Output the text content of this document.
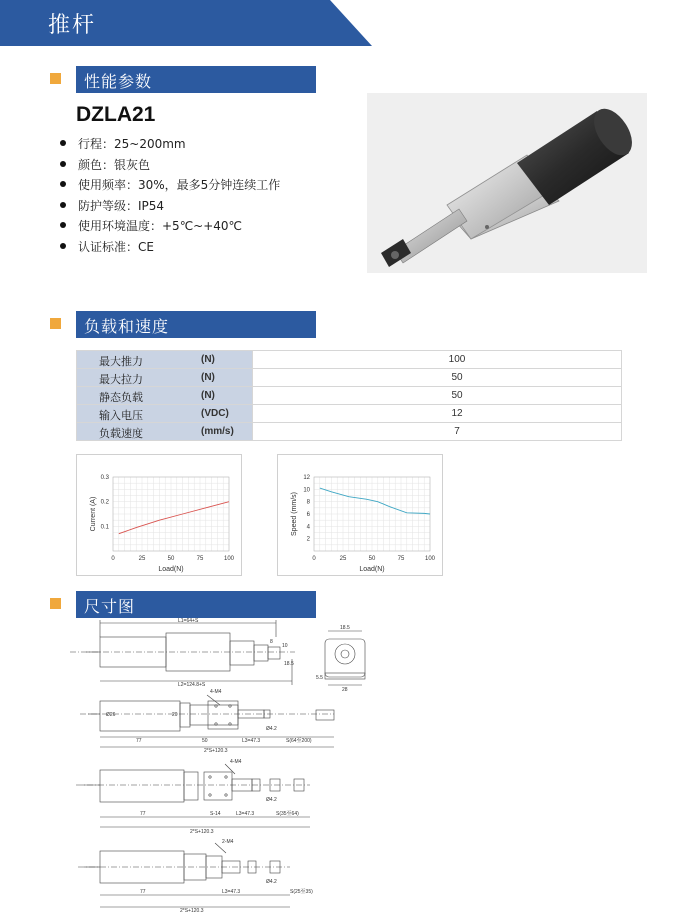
推杆
性能参数
DZLA21
行程：25~200mm
颜色：银灰色
使用频率：30%，最多5分钟连续工作
防护等级：IP54
使用环境温度：+5℃~+40℃
认证标准：CE
负载和速度
最大推力 (N)	100

最大拉力 (N)	50

静态负载 (N)	50

输入电压 (VDC)	12

负载速度 (mm/s)	7
0	25	50	75	100
0.1
0.2
0.3
Load(N)
Current (A)
0	25	50	75	100
2
4
6
8
10
12
Load(N)
Speed (mm/s)
尺寸图
L1=64+S
L2=124.8+S
8
10
18.5
18.5
28
5.5
4-M4
77	50	L3=47.3	S(64至200)
2*S+120.3
Ø4.2
Ø26	20
4-M4
77	S-14	L3=47.3	S(35至64)
2*S+120.3
Ø4.2
2-M4
77	L3=47.3	S(25至35)
2*S+120.3
Ø4.2
